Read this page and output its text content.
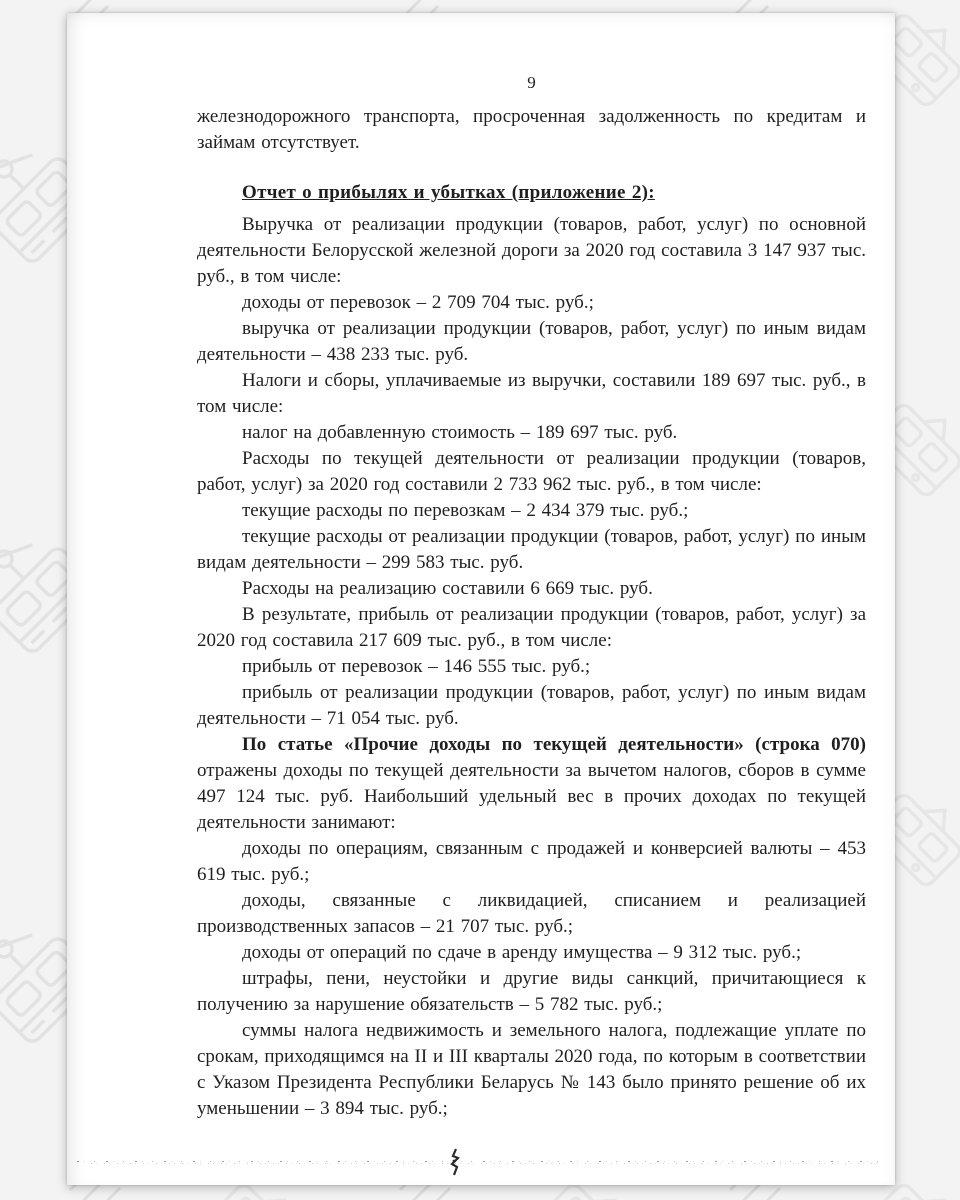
9

железнодорожного транспорта, просроченная задолженность по кредитам и займам отсутствует.

Отчет о прибылях и убытках (приложение 2):

Выручка от реализации продукции (товаров, работ, услуг) по основной деятельности Белорусской железной дороги за 2020 год составила 3 147 937 тыс. руб., в том числе:

доходы от перевозок – 2 709 704 тыс. руб.;

выручка от реализации продукции (товаров, работ, услуг) по иным видам деятельности – 438 233 тыс. руб.

Налоги и сборы, уплачиваемые из выручки, составили 189 697 тыс. руб., в том числе:

налог на добавленную стоимость – 189 697 тыс. руб.

Расходы по текущей деятельности от реализации продукции (товаров, работ, услуг) за 2020 год составили 2 733 962 тыс. руб., в том числе:

текущие расходы по перевозкам – 2 434 379 тыс. руб.;

текущие расходы от реализации продукции (товаров, работ, услуг) по иным видам деятельности – 299 583 тыс. руб.

Расходы на реализацию составили 6 669 тыс. руб.

В результате, прибыль от реализации продукции (товаров, работ, услуг) за 2020 год составила 217 609 тыс. руб., в том числе:

прибыль от перевозок – 146 555 тыс. руб.;

прибыль от реализации продукции (товаров, работ, услуг) по иным видам деятельности – 71 054 тыс. руб.

По статье «Прочие доходы по текущей деятельности» (строка 070) отражены доходы по текущей деятельности за вычетом налогов, сборов в сумме 497 124 тыс. руб. Наибольший удельный вес в прочих доходах по текущей деятельности занимают:

доходы по операциям, связанным с продажей и конверсией валюты – 453 619 тыс. руб.;

доходы, связанные с ликвидацией, списанием и реализацией производственных запасов – 21 707 тыс. руб.;

доходы от операций по сдаче в аренду имущества – 9 312 тыс. руб.;

штрафы, пени, неустойки и другие виды санкций, причитающиеся к получению за нарушение обязательств – 5 782 тыс. руб.;

суммы налога недвижимость и земельного налога, подлежащие уплате по срокам, приходящимся на II и III кварталы 2020 года, по которым в соответствии с Указом Президента Республики Беларусь № 143 было принято решение об их уменьшении – 3 894 тыс. руб.;
